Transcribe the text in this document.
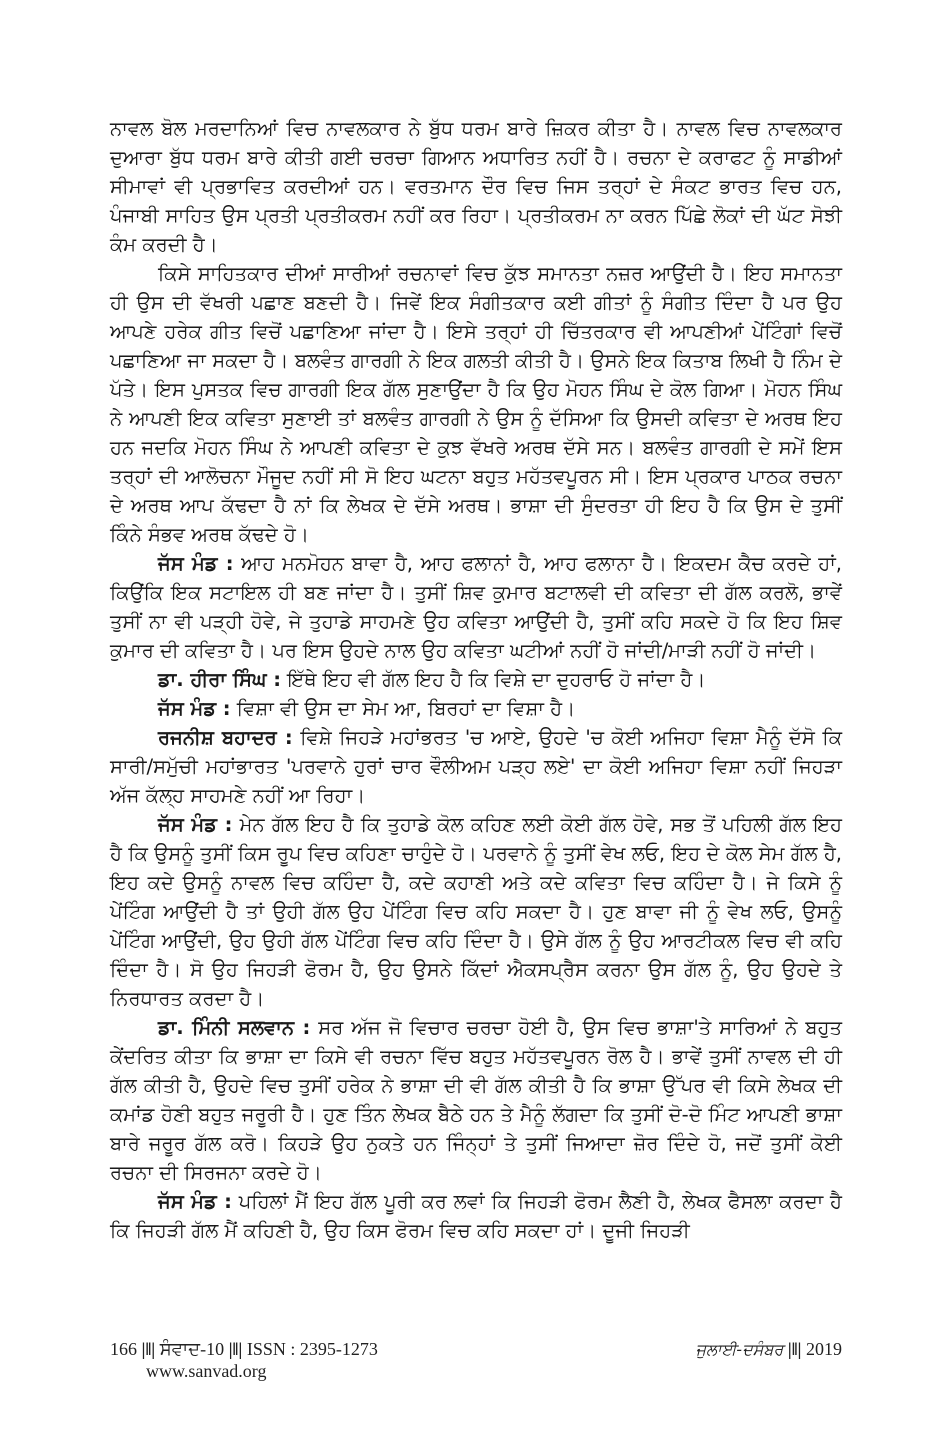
ਨਾਵਲ ਬੋਲ ਮਰਦਾਨਿਆਂ ਵਿਚ ਨਾਵਲਕਾਰ ਨੇ ਬੁੱਧ ਧਰਮ ਬਾਰੇ ਜ਼ਿਕਰ ਕੀਤਾ ਹੈ। ਨਾਵਲ ਵਿਚ ਨਾਵਲਕਾਰ ਦੁਆਰਾ ਬੁੱਧ ਧਰਮ ਬਾਰੇ ਕੀਤੀ ਗਈ ਚਰਚਾ ਗਿਆਨ ਅਧਾਰਿਤ ਨਹੀਂ ਹੈ। ਰਚਨਾ ਦੇ ਕਰਾਫਟ ਨੂੰ ਸਾਡੀਆਂ ਸੀਮਾਵਾਂ ਵੀ ਪ੍ਰਭਾਵਿਤ ਕਰਦੀਆਂ ਹਨ। ਵਰਤਮਾਨ ਦੌਰ ਵਿਚ ਜਿਸ ਤਰ੍ਹਾਂ ਦੇ ਸੰਕਟ ਭਾਰਤ ਵਿਚ ਹਨ, ਪੰਜਾਬੀ ਸਾਹਿਤ ਉਸ ਪ੍ਰਤੀ ਪ੍ਰਤੀਕਰਮ ਨਹੀਂ ਕਰ ਰਿਹਾ। ਪ੍ਰਤੀਕਰਮ ਨਾ ਕਰਨ ਪਿੱਛੇ ਲੋਕਾਂ ਦੀ ਘੱਟ ਸੋਝੀ ਕੰਮ ਕਰਦੀ ਹੈ।

ਕਿਸੇ ਸਾਹਿਤਕਾਰ ਦੀਆਂ ਸਾਰੀਆਂ ਰਚਨਾਵਾਂ ਵਿਚ ਕੁੱਝ ਸਮਾਨਤਾ ਨਜ਼ਰ ਆਉਂਦੀ ਹੈ। ਇਹ ਸਮਾਨਤਾ ਹੀ ਉਸ ਦੀ ਵੱਖਰੀ ਪਛਾਣ ਬਣਦੀ ਹੈ। ਜਿਵੇਂ ਇਕ ਸੰਗੀਤਕਾਰ ਕਈ ਗੀਤਾਂ ਨੂੰ ਸੰਗੀਤ ਦਿੰਦਾ ਹੈ ਪਰ ਉਹ ਆਪਣੇ ਹਰੇਕ ਗੀਤ ਵਿਚੋਂ ਪਛਾਣਿਆ ਜਾਂਦਾ ਹੈ। ਇਸੇ ਤਰ੍ਹਾਂ ਹੀ ਚਿੱਤਰਕਾਰ ਵੀ ਆਪਣੀਆਂ ਪੇਂਟਿੰਗਾਂ ਵਿਚੋਂ ਪਛਾਣਿਆ ਜਾ ਸਕਦਾ ਹੈ। ਬਲਵੰਤ ਗਾਰਗੀ ਨੇ ਇਕ ਗਲਤੀ ਕੀਤੀ ਹੈ। ਉਸਨੇ ਇਕ ਕਿਤਾਬ ਲਿਖੀ ਹੈ ਨਿੰਮ ਦੇ ਪੱਤੇ। ਇਸ ਪੁਸਤਕ ਵਿਚ ਗਾਰਗੀ ਇਕ ਗੱਲ ਸੁਣਾਉਂਦਾ ਹੈ ਕਿ ਉਹ ਮੋਹਨ ਸਿੰਘ ਦੇ ਕੋਲ ਗਿਆ। ਮੋਹਨ ਸਿੰਘ ਨੇ ਆਪਣੀ ਇਕ ਕਵਿਤਾ ਸੁਣਾਈ ਤਾਂ ਬਲਵੰਤ ਗਾਰਗੀ ਨੇ ਉਸ ਨੂੰ ਦੱਸਿਆ ਕਿ ਉਸਦੀ ਕਵਿਤਾ ਦੇ ਅਰਥ ਇਹ ਹਨ ਜਦਕਿ ਮੋਹਨ ਸਿੰਘ ਨੇ ਆਪਣੀ ਕਵਿਤਾ ਦੇ ਕੁਝ ਵੱਖਰੇ ਅਰਥ ਦੱਸੇ ਸਨ। ਬਲਵੰਤ ਗਾਰਗੀ ਦੇ ਸਮੇਂ ਇਸ ਤਰ੍ਹਾਂ ਦੀ ਆਲੋਚਨਾ ਮੌਜੂਦ ਨਹੀਂ ਸੀ ਸੋ ਇਹ ਘਟਨਾ ਬਹੁਤ ਮਹੱਤਵਪੂਰਨ ਸੀ। ਇਸ ਪ੍ਰਕਾਰ ਪਾਠਕ ਰਚਨਾ ਦੇ ਅਰਥ ਆਪ ਕੱਢਦਾ ਹੈ ਨਾਂ ਕਿ ਲੇਖਕ ਦੇ ਦੱਸੇ ਅਰਥ। ਭਾਸ਼ਾ ਦੀ ਸੁੰਦਰਤਾ ਹੀ ਇਹ ਹੈ ਕਿ ਉਸ ਦੇ ਤੁਸੀਂ ਕਿੰਨੇ ਸੰਭਵ ਅਰਥ ਕੱਢਦੇ ਹੋ।

ਜੱਸ ਮੰਡ : ਆਹ ਮਨਮੋਹਨ ਬਾਵਾ ਹੈ, ਆਹ ਫਲਾਨਾਂ ਹੈ, ਆਹ ਫਲਾਨਾ ਹੈ। ਇਕਦਮ ਕੈਚ ਕਰਦੇ ਹਾਂ, ਕਿਉਂਕਿ ਇਕ ਸਟਾਇਲ ਹੀ ਬਣ ਜਾਂਦਾ ਹੈ। ਤੁਸੀਂ ਸ਼ਿਵ ਕੁਮਾਰ ਬਟਾਲਵੀ ਦੀ ਕਵਿਤਾ ਦੀ ਗੱਲ ਕਰਲੋ, ਭਾਵੇਂ ਤੁਸੀਂ ਨਾ ਵੀ ਪੜ੍ਹੀ ਹੋਵੇ, ਜੇ ਤੁਹਾਡੇ ਸਾਹਮਣੇ ਉਹ ਕਵਿਤਾ ਆਉਂਦੀ ਹੈ, ਤੁਸੀਂ ਕਹਿ ਸਕਦੇ ਹੋ ਕਿ ਇਹ ਸ਼ਿਵ ਕੁਮਾਰ ਦੀ ਕਵਿਤਾ ਹੈ। ਪਰ ਇਸ ਉਹਦੇ ਨਾਲ ਉਹ ਕਵਿਤਾ ਘਟੀਆਂ ਨਹੀਂ ਹੋ ਜਾਂਦੀ/ਮਾੜੀ ਨਹੀਂ ਹੋ ਜਾਂਦੀ।

ਡਾ. ਹੀਰਾ ਸਿੰਘ : ਇੱਥੇ ਇਹ ਵੀ ਗੱਲ ਇਹ ਹੈ ਕਿ ਵਿਸ਼ੇ ਦਾ ਦੁਹਰਾਓ ਹੋ ਜਾਂਦਾ ਹੈ।

ਜੱਸ ਮੰਡ : ਵਿਸ਼ਾ ਵੀ ਉਸ ਦਾ ਸੇਮ ਆ, ਬਿਰਹਾਂ ਦਾ ਵਿਸ਼ਾ ਹੈ।

ਰਜਨੀਸ਼ ਬਹਾਦਰ : ਵਿਸ਼ੇ ਜਿਹੜੇ ਮਹਾਂਭਰਤ 'ਚ ਆਏ, ਉਹਦੇ 'ਚ ਕੋਈ ਅਜਿਹਾ ਵਿਸ਼ਾ ਮੈਨੂੰ ਦੱਸੋ ਕਿ ਸਾਰੀ/ਸਮੁੱਚੀ ਮਹਾਂਭਾਰਤ 'ਪਰਵਾਨੇ ਹੁਰਾਂ ਚਾਰ ਵੌਲੀਅਮ ਪੜ੍ਹ ਲਏ' ਦਾ ਕੋਈ ਅਜਿਹਾ ਵਿਸ਼ਾ ਨਹੀਂ ਜਿਹੜਾ ਅੱਜ ਕੱਲ੍ਹ ਸਾਹਮਣੇ ਨਹੀਂ ਆ ਰਿਹਾ।

ਜੱਸ ਮੰਡ : ਮੇਨ ਗੱਲ ਇਹ ਹੈ ਕਿ ਤੁਹਾਡੇ ਕੋਲ ਕਹਿਣ ਲਈ ਕੋਈ ਗੱਲ ਹੋਵੇ, ਸਭ ਤੋਂ ਪਹਿਲੀ ਗੱਲ ਇਹ ਹੈ ਕਿ ਉਸਨੂੰ ਤੁਸੀਂ ਕਿਸ ਰੂਪ ਵਿਚ ਕਹਿਣਾ ਚਾਹੁੰਦੇ ਹੋ। ਪਰਵਾਨੇ ਨੂੰ ਤੁਸੀਂ ਵੇਖ ਲਓ, ਇਹ ਦੇ ਕੋਲ ਸੇਮ ਗੱਲ ਹੈ, ਇਹ ਕਦੇ ਉਸਨੂੰ ਨਾਵਲ ਵਿਚ ਕਹਿੰਦਾ ਹੈ, ਕਦੇ ਕਹਾਣੀ ਅਤੇ ਕਦੇ ਕਵਿਤਾ ਵਿਚ ਕਹਿੰਦਾ ਹੈ। ਜੇ ਕਿਸੇ ਨੂੰ ਪੇਂਟਿੰਗ ਆਉਂਦੀ ਹੈ ਤਾਂ ਉਹੀ ਗੱਲ ਉਹ ਪੇਂਟਿੰਗ ਵਿਚ ਕਹਿ ਸਕਦਾ ਹੈ। ਹੁਣ ਬਾਵਾ ਜੀ ਨੂੰ ਵੇਖ ਲਓ, ਉਸਨੂੰ ਪੇਂਟਿੰਗ ਆਉਂਦੀ, ਉਹ ਉਹੀ ਗੱਲ ਪੇਂਟਿੰਗ ਵਿਚ ਕਹਿ ਦਿੰਦਾ ਹੈ। ਉਸੇ ਗੱਲ ਨੂੰ ਉਹ ਆਰਟੀਕਲ ਵਿਚ ਵੀ ਕਹਿ ਦਿੰਦਾ ਹੈ। ਸੋ ਉਹ ਜਿਹੜੀ ਫੋਰਮ ਹੈ, ਉਹ ਉਸਨੇ ਕਿੱਦਾਂ ਐਕਸਪ੍ਰੈਸ ਕਰਨਾ ਉਸ ਗੱਲ ਨੂੰ, ਉਹ ਉਹਦੇ ਤੇ ਨਿਰਧਾਰਤ ਕਰਦਾ ਹੈ।

ਡਾ. ਮਿੰਨੀ ਸਲਵਾਨ : ਸਰ ਅੱਜ ਜੋ ਵਿਚਾਰ ਚਰਚਾ ਹੋਈ ਹੈ, ਉਸ ਵਿਚ ਭਾਸ਼ਾ'ਤੇ ਸਾਰਿਆਂ ਨੇ ਬਹੁਤ ਕੇਂਦਰਿਤ ਕੀਤਾ ਕਿ ਭਾਸ਼ਾ ਦਾ ਕਿਸੇ ਵੀ ਰਚਨਾ ਵਿੱਚ ਬਹੁਤ ਮਹੱਤਵਪੂਰਨ ਰੋਲ ਹੈ। ਭਾਵੇਂ ਤੁਸੀਂ ਨਾਵਲ ਦੀ ਹੀ ਗੱਲ ਕੀਤੀ ਹੈ, ਉਹਦੇ ਵਿਚ ਤੁਸੀਂ ਹਰੇਕ ਨੇ ਭਾਸ਼ਾ ਦੀ ਵੀ ਗੱਲ ਕੀਤੀ ਹੈ ਕਿ ਭਾਸ਼ਾ ਉੱਪਰ ਵੀ ਕਿਸੇ ਲੇਖਕ ਦੀ ਕਮਾਂਡ ਹੋਣੀ ਬਹੁਤ ਜਰੂਰੀ ਹੈ। ਹੁਣ ਤਿੰਨ ਲੇਖਕ ਬੈਠੇ ਹਨ ਤੇ ਮੈਨੂੰ ਲੱਗਦਾ ਕਿ ਤੁਸੀਂ ਦੋ-ਦੋ ਮਿੰਟ ਆਪਣੀ ਭਾਸ਼ਾ ਬਾਰੇ ਜਰੂਰ ਗੱਲ ਕਰੋ। ਕਿਹੜੇ ਉਹ ਨੁਕਤੇ ਹਨ ਜਿੰਨ੍ਹਾਂ ਤੇ ਤੁਸੀਂ ਜਿਆਦਾ ਜ਼ੋਰ ਦਿੰਦੇ ਹੋ, ਜਦੋਂ ਤੁਸੀਂ ਕੋਈ ਰਚਨਾ ਦੀ ਸਿਰਜਨਾ ਕਰਦੇ ਹੋ।

ਜੱਸ ਮੰਡ : ਪਹਿਲਾਂ ਮੈਂ ਇਹ ਗੱਲ ਪੂਰੀ ਕਰ ਲਵਾਂ ਕਿ ਜਿਹੜੀ ਫੋਰਮ ਲੈਣੀ ਹੈ, ਲੇਖਕ ਫੈਸਲਾ ਕਰਦਾ ਹੈ ਕਿ ਜਿਹੜੀ ਗੱਲ ਮੈਂ ਕਹਿਣੀ ਹੈ, ਉਹ ਕਿਸ ਫੋਰਮ ਵਿਚ ਕਹਿ ਸਕਦਾ ਹਾਂ। ਦੂਜੀ ਜਿਹੜੀ

166 |‖| ਸੰਵਾਦ-10 |‖| ISSN : 2395-1273
www.sanvad.org
ਜੁਲਾਈ-ਦਸੰਬਰ |‖| 2019
